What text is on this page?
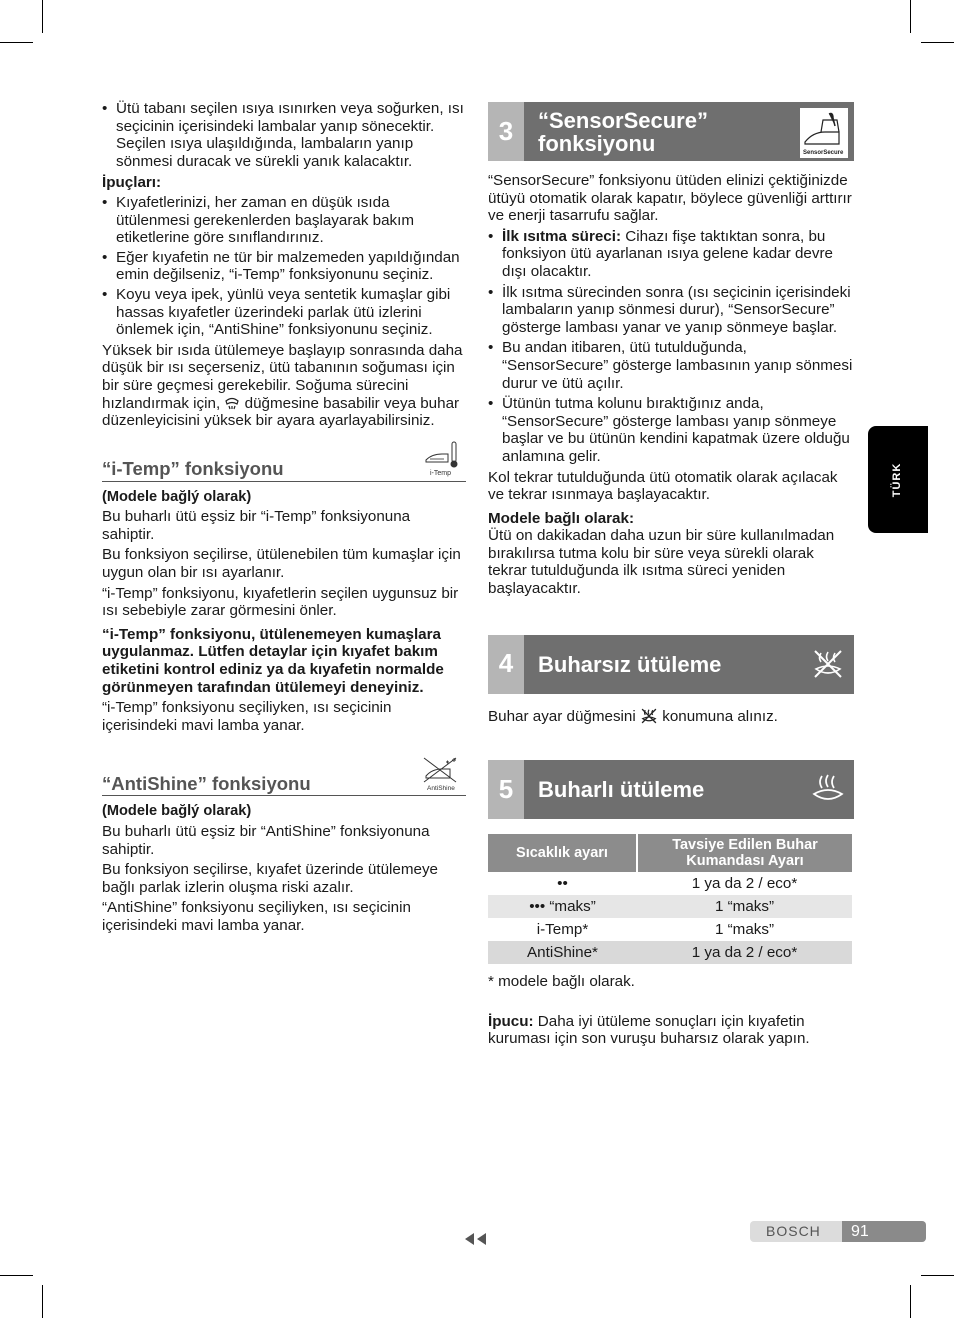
• Ütü tabanı seçilen ısıya ısınırken veya soğurken, ısı seçicinin içerisindeki lambalar yanıp sönecektir. Seçilen ısıya ulaşıldığında, lambaların yanıp sönmesi duracak ve sürekli yanık kalacaktır.

İpuçları:

• Kıyafetlerinizi, her zaman en düşük ısıda ütülenmesi gerekenlerden başlayarak bakım etiketlerine göre sınıflandırınız.
• Eğer kıyafetin ne tür bir malzemeden yapıldığından emin değilseniz, “i-Temp” fonksiyonunu seçiniz.
• Koyu veya ipek, yünlü veya sentetik kumaşlar gibi hassas kıyafetler üzerindeki parlak ütü izlerini önlemek için, “AntiShine” fonksiyonunu seçiniz.

Yüksek bir ısıda ütülemeye başlayıp sonrasında daha düşük bir ısı seçerseniz, ütü tabanının soğuması için bir süre geçmesi gerekebilir. Soğuma sürecini hızlandırmak için, düğmesine basabilir veya buhar düzenleyicisini yüksek bir ayara ayarlayabilirsiniz.

“i-Temp” fonksiyonu	i-Temp

(Modele bağlý olarak)

Bu buharlı ütü eşsiz bir “i-Temp” fonksiyonuna sahiptir.

Bu fonksiyon seçilirse, ütülenebilen tüm kumaşlar için uygun olan bir ısı ayarlanır.

“i-Temp” fonksiyonu, kıyafetlerin seçilen uygunsuz bir ısı sebebiyle zarar görmesini önler.

“i-Temp” fonksiyonu, ütülenemeyen kumaşlara uygulanmaz. Lütfen detaylar için kıyafet bakım etiketini kontrol ediniz ya da kıyafetin normalde görünmeyen tarafından ütülemeyi deneyiniz.

“i-Temp” fonksiyonu seçiliyken, ısı seçicinin içerisindeki mavi lamba yanar.

“AntiShine” fonksiyonu	AntiShine

(Modele bağlý olarak)

Bu buharlı ütü eşsiz bir “AntiShine” fonksiyonuna sahiptir.

Bu fonksiyon seçilirse, kıyafet üzerinde ütülemeye bağlı parlak izlerin oluşma riski azalır.

“AntiShine” fonksiyonu seçiliyken, ısı seçicinin içerisindeki mavi lamba yanar.

3	“SensorSecure” fonksiyonu	SensorSecure

“SensorSecure” fonksiyonu ütüden elinizi çektiğinizde ütüyü otomatik olarak kapatır, böylece güvenliği arttırır ve enerji tasarrufu sağlar.

• İlk ısıtma süreci: Cihazı fişe taktıktan sonra, bu fonksiyon ütü ayarlanan ısıya gelene kadar devre dışı olacaktır.
• İlk ısıtma sürecinden sonra (ısı seçicinin içerisindeki lambaların yanıp sönmesi durur), “SensorSecure” gösterge lambası yanar ve yanıp sönmeye başlar.
• Bu andan itibaren, ütü tutulduğunda, “SensorSecure” gösterge lambasının yanıp sönmesi durur ve ütü açılır.
• Ütünün tutma kolunu bıraktığınız anda, “SensorSecure” gösterge lambası yanıp sönmeye başlar ve bu ütünün kendini kapatmak üzere olduğu anlamına gelir.

Kol tekrar tutulduğunda ütü otomatik olarak açılacak ve tekrar ısınmaya başlayacaktır.

Modele bağlı olarak:

Ütü on dakikadan daha uzun bir süre kullanılmadan bırakılırsa tutma kolu bir süre veya sürekli olarak tekrar tutulduğunda ilk ısıtma süreci yeniden başlayacaktır.

4	Buharsız ütüleme

Buhar ayar düğmesini konumuna alınız.

5	Buharlı ütüleme
Sıcaklık ayarı	Tavsiye Edilen Buhar Kumandası Ayarı
••	1 ya da 2 / eco*
••• “maks”	1 “maks”
i-Temp*	1 “maks”
AntiShine*	1 ya da 2 / eco*

* modele bağlı olarak.

İpucu: Daha iyi ütüleme sonuçları için kıyafetin kuruması için son vuruşu buharsız olarak yapın.

TÜRK
BOSCH	91
